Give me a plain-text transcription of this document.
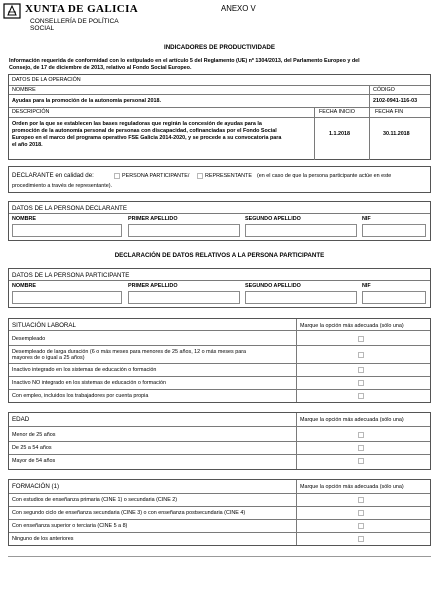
XUNTA DE GALICIA
CONSELLERÍA DE POLÍTICA
SOCIAL
ANEXO V
INDICADORES DE PRODUCTIVIDADE
Información requerida de conformidad con lo estipulado en el artículo 5 del Reglamento (UE) nº 1304/2013, del Parlamento Europeo y del
Consejo, de 17 de diciembre de 2013, relativo al Fondo Social Europeo.
DATOS DE LA OPERACIÓN
NOMBRE	CÓDIGO
Ayudas para la promoción de la autonomía personal 2018.	2102-0941-116-03
DESCRIPCIÓN	FECHA INICIO	FECHA FIN
Orden por la que se establecen las bases reguladoras que regirán la concesión de ayudas para la
promoción de la autonomía personal de personas con discapacidad, cofinanciadas por el Fondo Social
Europeo en el marco del programa operativo FSE Galicia 2014-2020, y se procede a su convocatoria para
el año 2018.
1.1.2018	30.11.2018
DECLARANTE en calidad de:	PERSONA PARTICIPANTE/	REPRESENTANTE (en el caso de que la persona participante actúe en este
procedimiento a través de representante).
DATOS DE LA PERSONA DECLARANTE
NOMBRE	PRIMER APELLIDO	SEGUNDO APELLIDO	NIF
DECLARACIÓN DE DATOS RELATIVOS A LA PERSONA PARTICIPANTE
DATOS DE LA PERSONA PARTICIPANTE
NOMBRE	PRIMER APELLIDO	SEGUNDO APELLIDO	NIF
SITUACIÓN LABORAL	Marque la opción más adecuada (sólo una)
Desempleado
Desempleado de larga duración (6 o más meses para menores de 25 años, 12 o más meses para
mayores de o igual a 25 años)
Inactivo integrado en los sistemas de educación o formación
Inactivo NO integrado en los sistemas de educación o formación
Con empleo, incluidos los trabajadores por cuenta propia
EDAD	Marque la opción más adecuada (sólo una)
Menor de 25 años
De 25 a 54 años
Mayor de 54 años
FORMACIÓN (1)	Marque la opción más adecuada (sólo una)
Con estudios de enseñanza primaria (CINE 1) o secundaria (CINE 2)
Con segundo ciclo de enseñanza secundaria (CINE 3) o con enseñanza postsecundaria (CINE 4)
Con enseñanza superior o terciaria (CINE 5 a 8)
Ninguno de los anteriores
